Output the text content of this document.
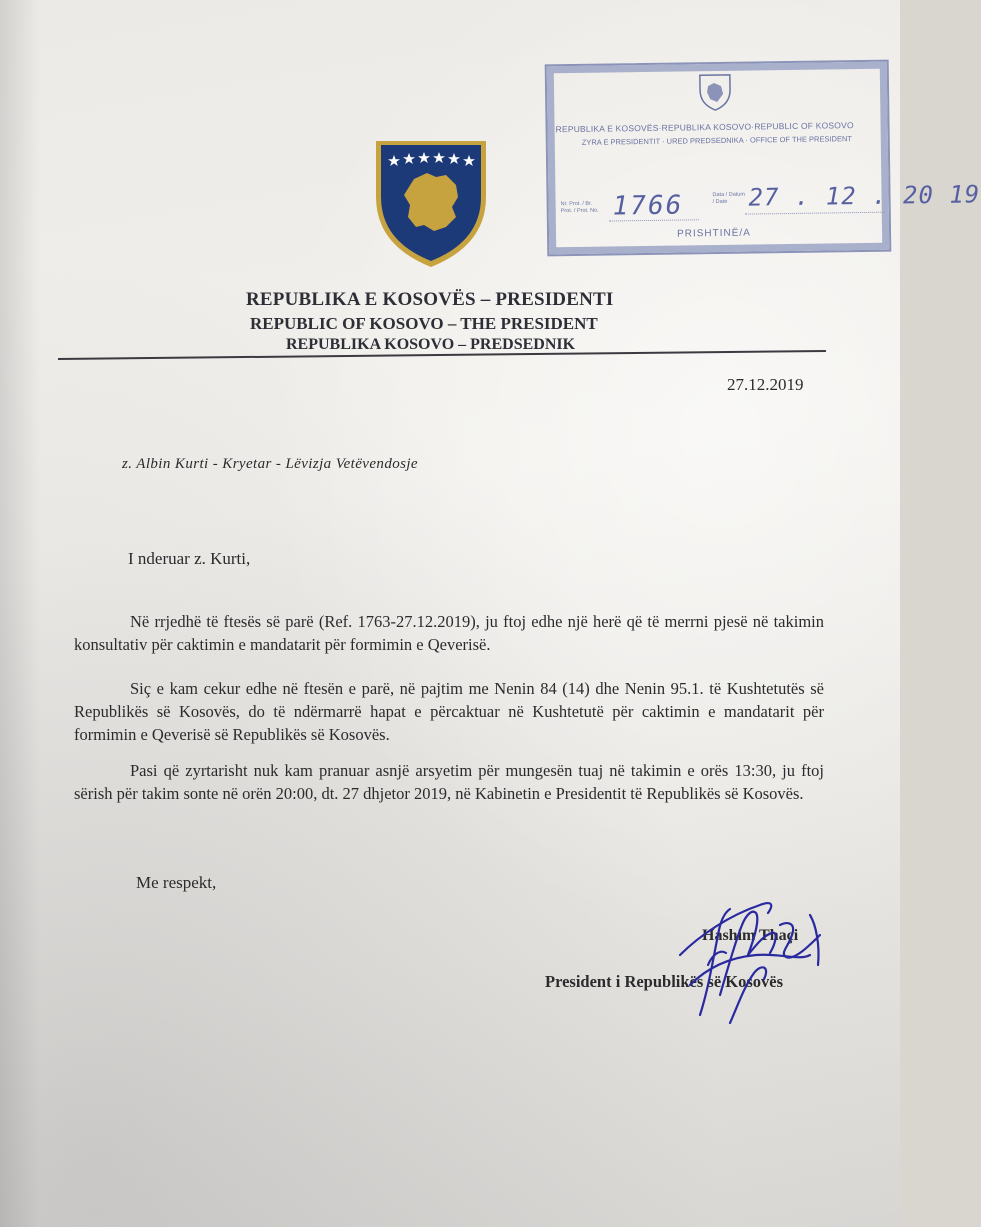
REPUBLIKA E KOSOVËS·REPUBLIKA KOSOVO·REPUBLIC OF KOSOVO
ZYRA E PRESIDENTIT · URED PREDSEDNIKA · OFFICE OF THE PRESIDENT
Nr. Prot. / Br. Prot. / Prot. No. 1766	Data / Datum / Date 27 . 12 . 20 19
PRISHTINË/A
REPUBLIKA E KOSOVËS – PRESIDENTI
REPUBLIC OF KOSOVO – THE PRESIDENT
REPUBLIKA KOSOVO – PREDSEDNIK
27.12.2019
z. Albin Kurti - Kryetar - Lëvizja Vetëvendosje
I nderuar z. Kurti,
Në rrjedhë të ftesës së parë (Ref. 1763-27.12.2019), ju ftoj edhe një herë që të merrni pjesë në takimin konsultativ për caktimin e mandatarit për formimin e Qeverisë.
Siç e kam cekur edhe në ftesën e parë, në pajtim me Nenin 84 (14) dhe Nenin 95.1. të Kushtetutës së Republikës së Kosovës, do të ndërmarrë hapat e përcaktuar në Kushtetutë për caktimin e mandatarit për formimin e Qeverisë së Republikës së Kosovës.
Pasi që zyrtarisht nuk kam pranuar asnjë arsyetim për mungesën tuaj në takimin e orës 13:30, ju ftoj sërish për takim sonte në orën 20:00, dt. 27 dhjetor 2019, në Kabinetin e Presidentit të Republikës së Kosovës.
Me respekt,
Hashim Thaçi
President i Republikës së Kosovës
